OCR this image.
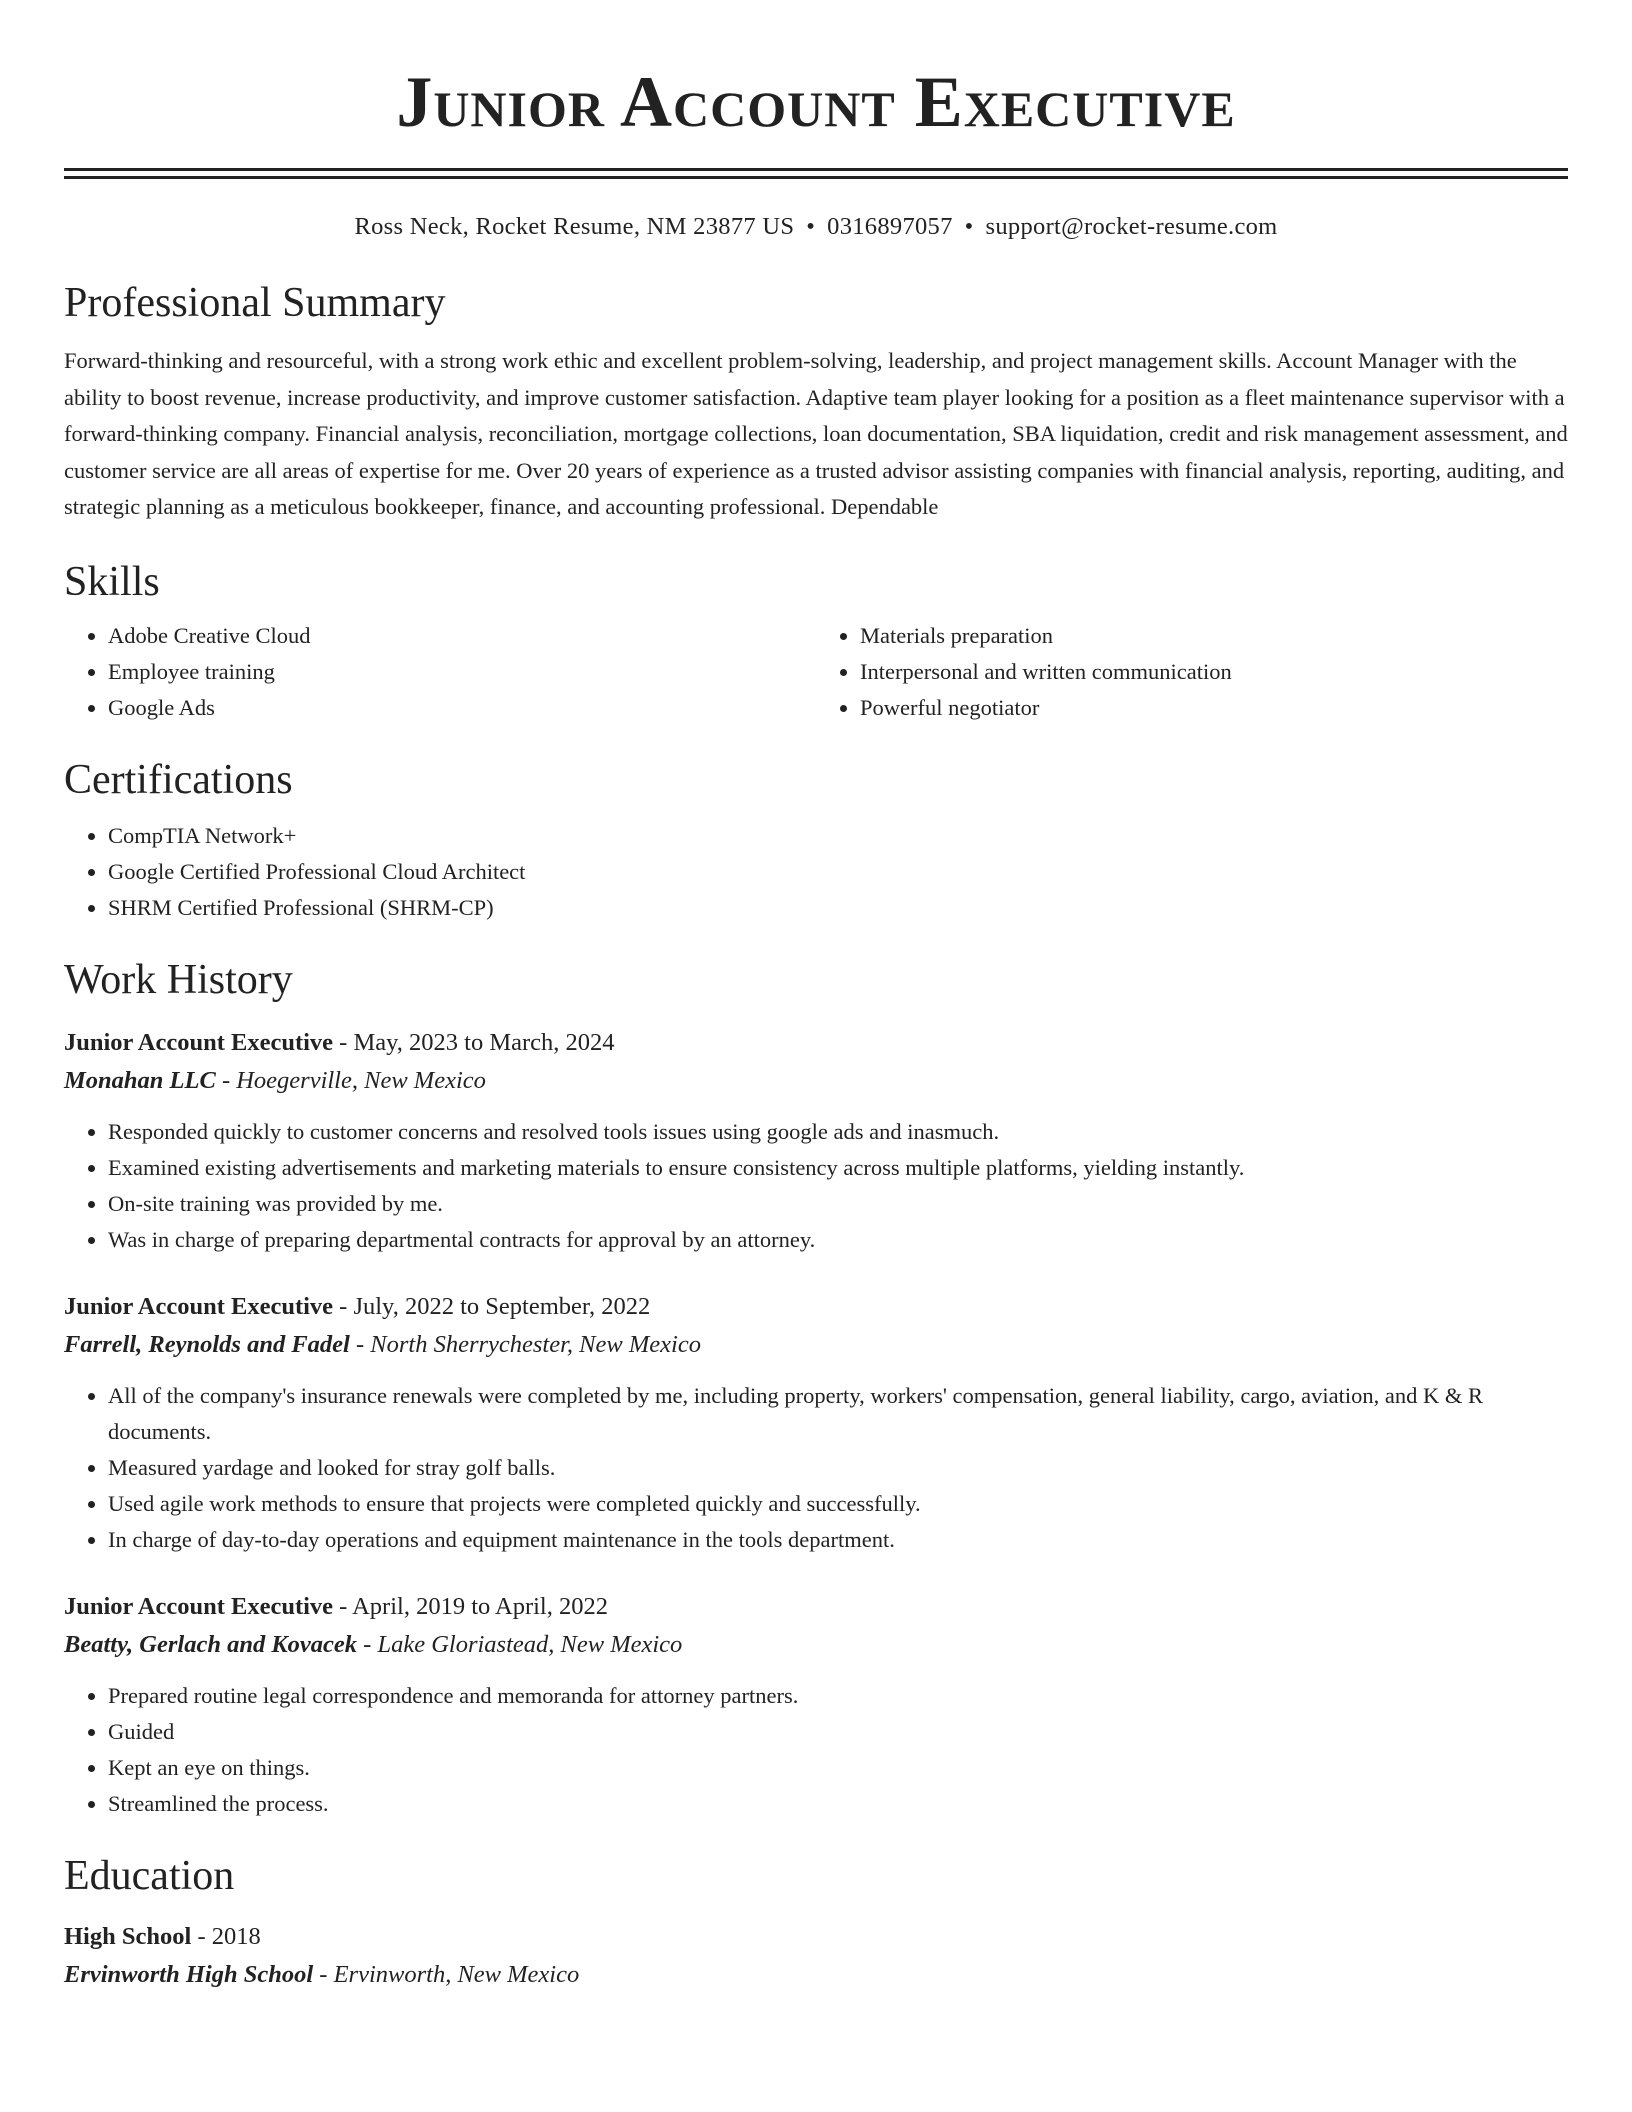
Junior Account Executive
Ross Neck, Rocket Resume, NM 23877 US • 0316897057 • support@rocket-resume.com
Professional Summary

Forward-thinking and resourceful, with a strong work ethic and excellent problem-solving, leadership, and project management skills. Account Manager with the ability to boost revenue, increase productivity, and improve customer satisfaction. Adaptive team player looking for a position as a fleet maintenance supervisor with a forward-thinking company. Financial analysis, reconciliation, mortgage collections, loan documentation, SBA liquidation, credit and risk management assessment, and customer service are all areas of expertise for me. Over 20 years of experience as a trusted advisor assisting companies with financial analysis, reporting, auditing, and strategic planning as a meticulous bookkeeper, finance, and accounting professional. Dependable

Skills
• Adobe Creative Cloud
• Employee training
• Google Ads
• Materials preparation
• Interpersonal and written communication
• Powerful negotiator
Certifications
• CompTIA Network+
• Google Certified Professional Cloud Architect
• SHRM Certified Professional (SHRM-CP)
Work History
Junior Account Executive - May, 2023 to March, 2024
Monahan LLC - Hoegerville, New Mexico
• Responded quickly to customer concerns and resolved tools issues using google ads and inasmuch.
• Examined existing advertisements and marketing materials to ensure consistency across multiple platforms, yielding instantly.
• On-site training was provided by me.
• Was in charge of preparing departmental contracts for approval by an attorney.
Junior Account Executive - July, 2022 to September, 2022
Farrell, Reynolds and Fadel - North Sherrychester, New Mexico
• All of the company's insurance renewals were completed by me, including property, workers' compensation, general liability, cargo, aviation, and K & R documents.
• Measured yardage and looked for stray golf balls.
• Used agile work methods to ensure that projects were completed quickly and successfully.
• In charge of day-to-day operations and equipment maintenance in the tools department.
Junior Account Executive - April, 2019 to April, 2022
Beatty, Gerlach and Kovacek - Lake Gloriastead, New Mexico
• Prepared routine legal correspondence and memoranda for attorney partners.
• Guided
• Kept an eye on things.
• Streamlined the process.
Education
High School - 2018
Ervinworth High School - Ervinworth, New Mexico
